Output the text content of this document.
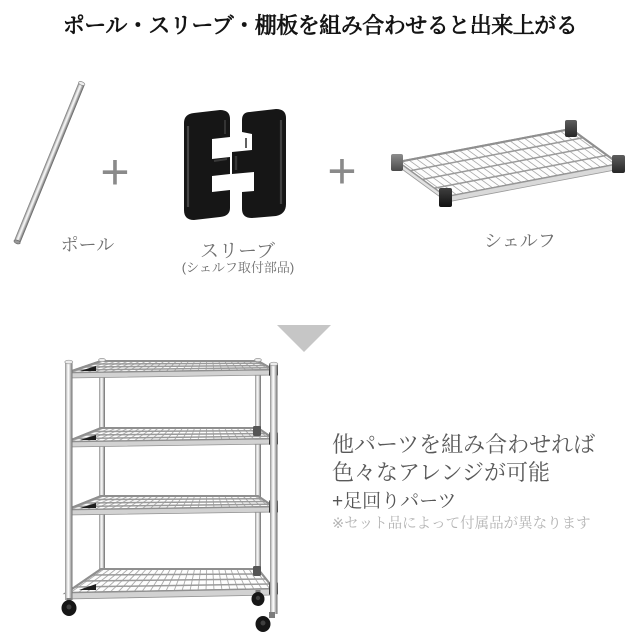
ポール・スリーブ・棚板を組み合わせると出来上がる
ポール
+
スリーブ
(シェルフ取付部品)
+
シェルフ
他パーツを組み合わせれば
色々なアレンジが可能
+足回りパーツ
※セット品によって付属品が異なります
